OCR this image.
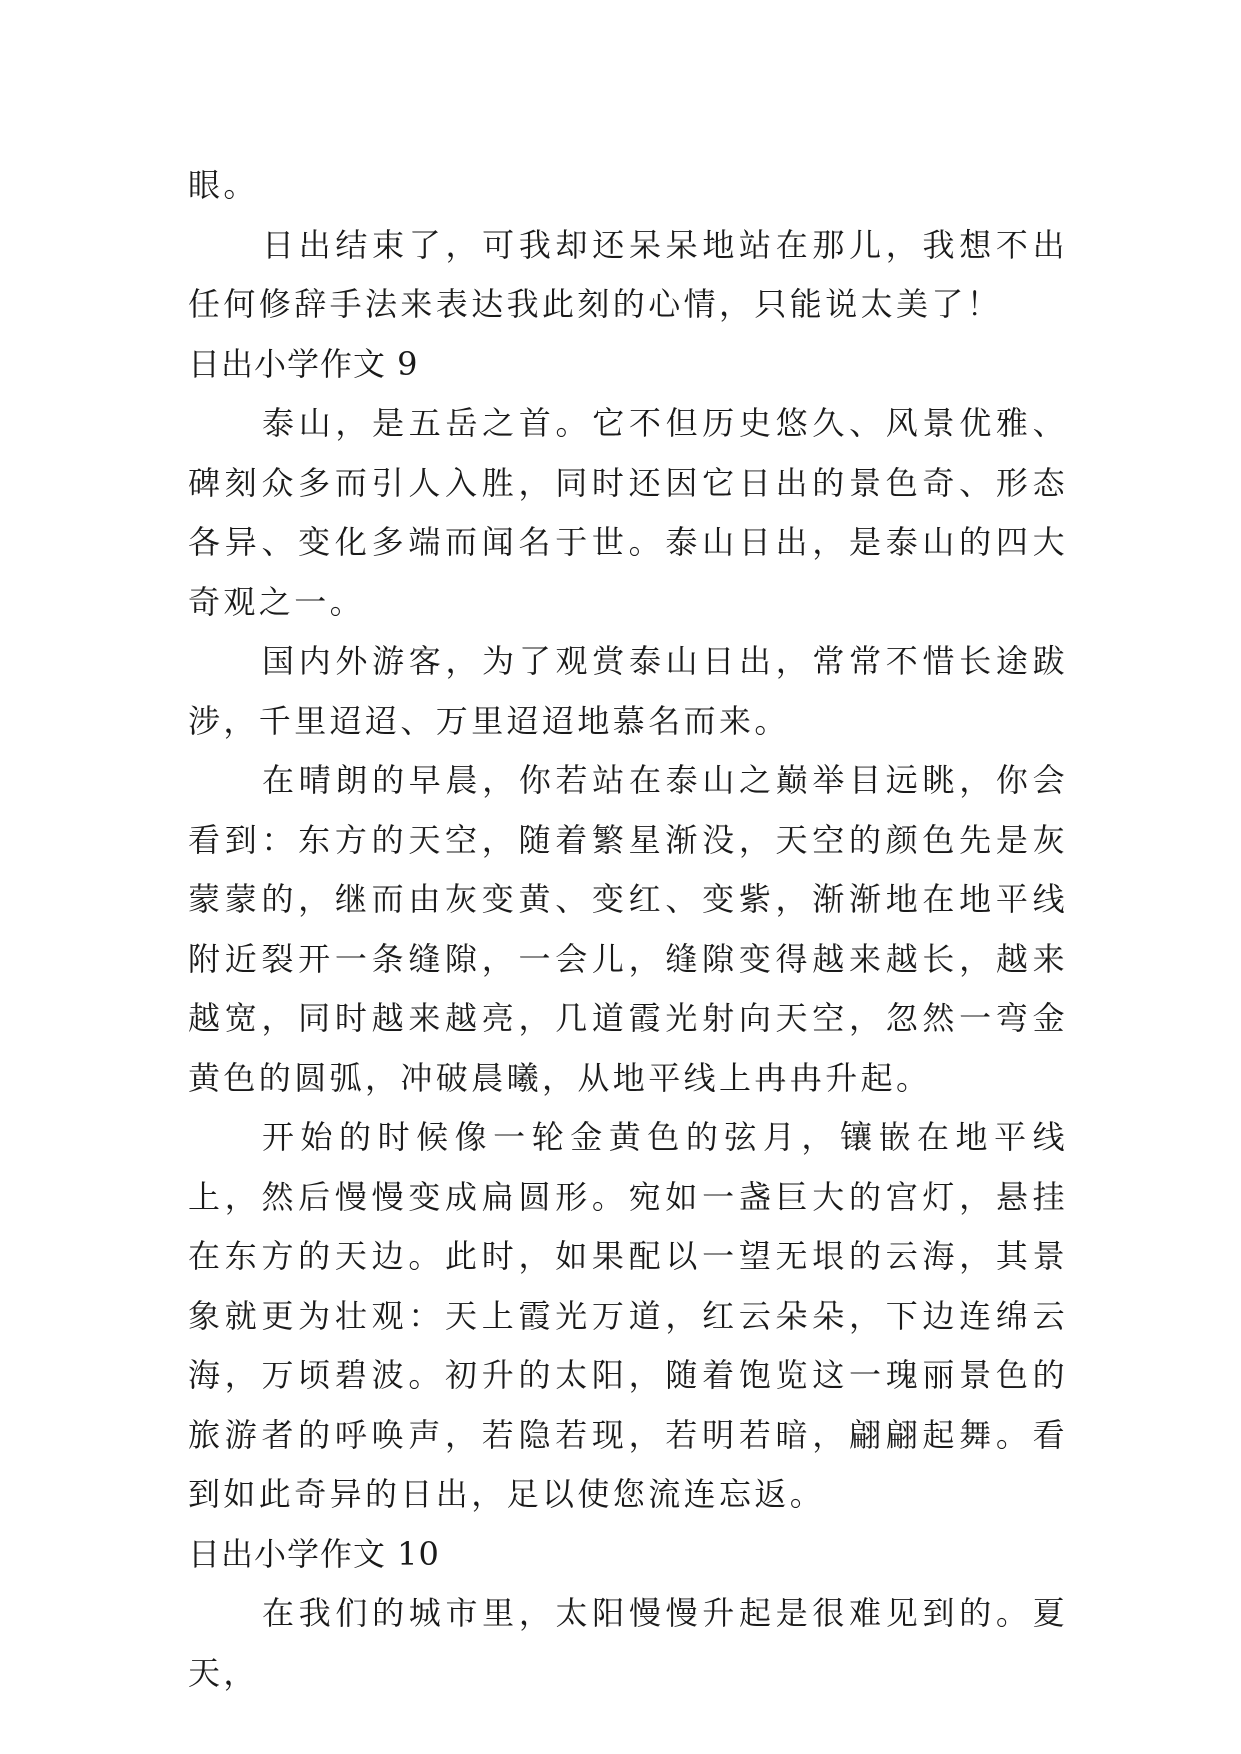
眼。

日出结束了，可我却还呆呆地站在那儿，我想不出任何修辞手法来表达我此刻的心情，只能说太美了！

日出小学作文 9

泰山，是五岳之首。它不但历史悠久、风景优雅、碑刻众多而引人入胜，同时还因它日出的景色奇、形态各异、变化多端而闻名于世。泰山日出，是泰山的四大奇观之一。

国内外游客，为了观赏泰山日出，常常不惜长途跋涉，千里迢迢、万里迢迢地慕名而来。

在晴朗的早晨，你若站在泰山之巅举目远眺，你会看到：东方的天空，随着繁星渐没，天空的颜色先是灰蒙蒙的，继而由灰变黄、变红、变紫，渐渐地在地平线附近裂开一条缝隙，一会儿，缝隙变得越来越长，越来越宽，同时越来越亮，几道霞光射向天空，忽然一弯金黄色的圆弧，冲破晨曦，从地平线上冉冉升起。

开始的时候像一轮金黄色的弦月，镶嵌在地平线上，然后慢慢变成扁圆形。宛如一盏巨大的宫灯，悬挂在东方的天边。此时，如果配以一望无垠的云海，其景象就更为壮观：天上霞光万道，红云朵朵，下边连绵云海，万顷碧波。初升的太阳，随着饱览这一瑰丽景色的旅游者的呼唤声，若隐若现，若明若暗，翩翩起舞。看到如此奇异的日出，足以使您流连忘返。

日出小学作文 10

在我们的城市里，太阳慢慢升起是很难见到的。夏天，
